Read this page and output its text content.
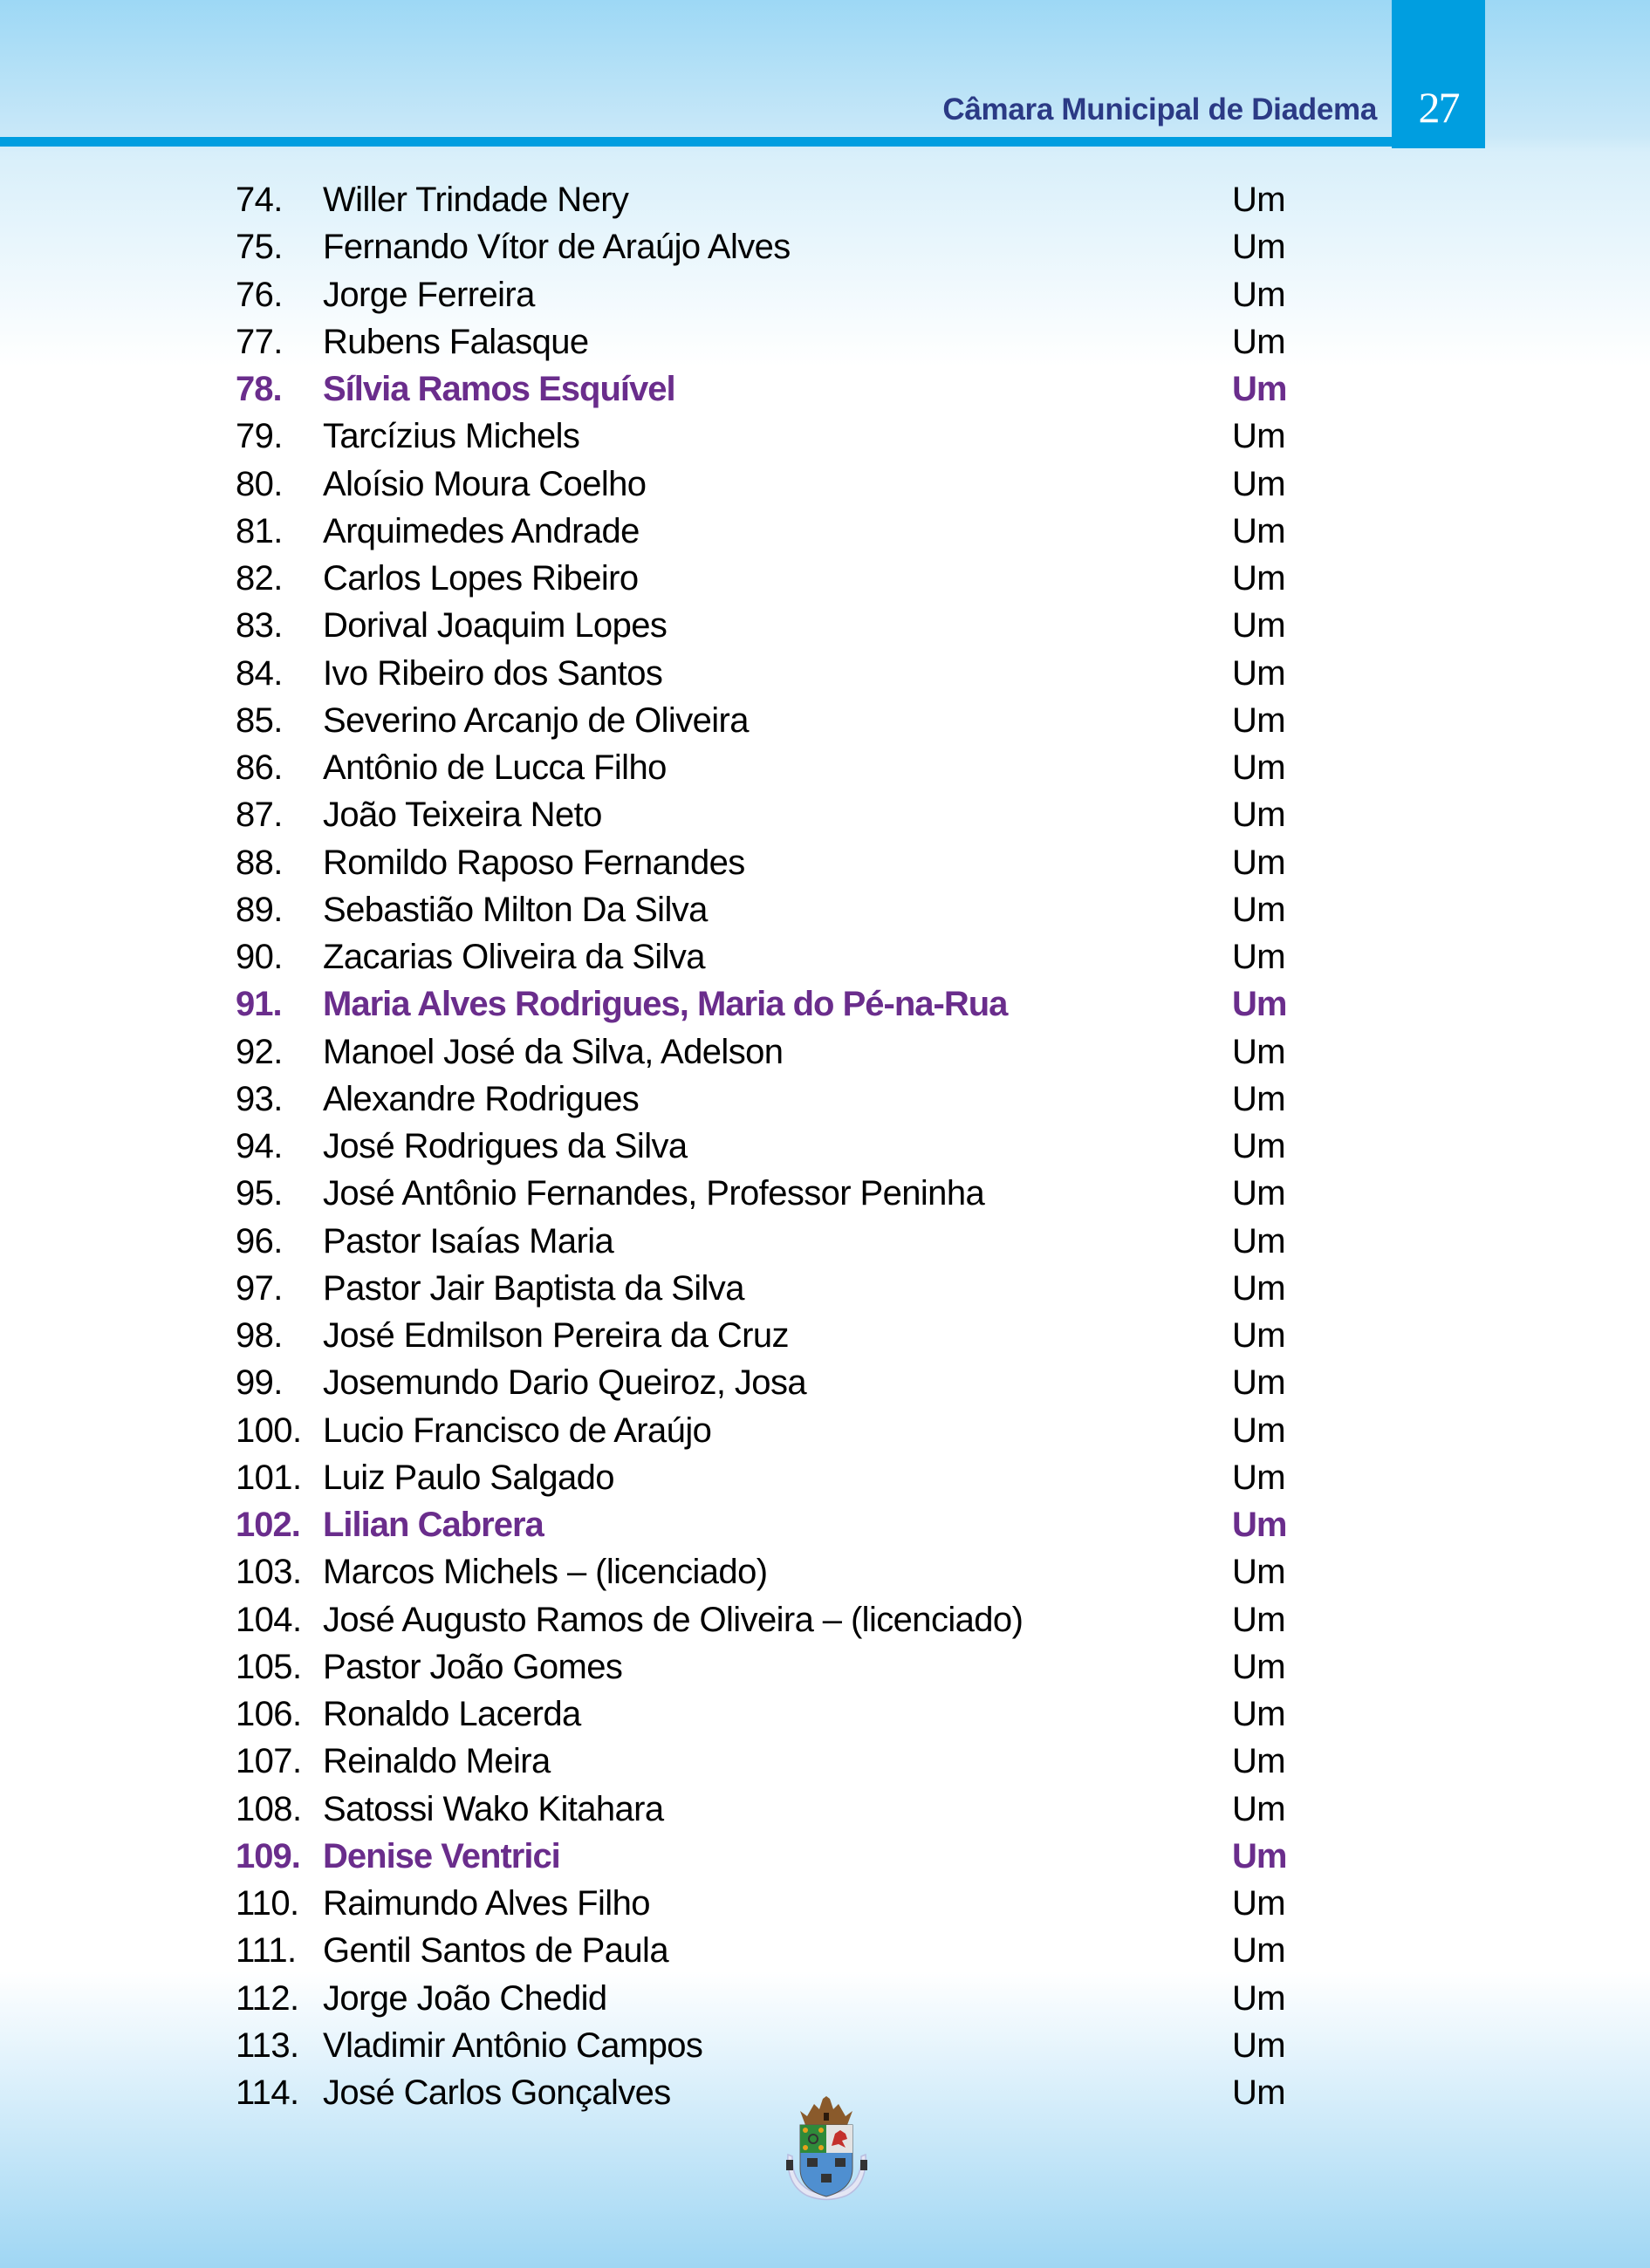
Câmara Municipal de Diadema 27
74. Willer Trindade Nery	Um
75. Fernando Vítor de Araújo Alves	Um
76. Jorge Ferreira	Um
77. Rubens Falasque	Um
78. Sílvia Ramos Esquível	Um
79. Tarcízius Michels	Um
80. Aloísio Moura Coelho	Um
81. Arquimedes Andrade	Um
82. Carlos Lopes Ribeiro	Um
83. Dorival Joaquim Lopes	Um
84. Ivo Ribeiro dos Santos	Um
85. Severino Arcanjo de Oliveira	Um
86. Antônio de Lucca Filho	Um
87. João Teixeira Neto	Um
88. Romildo Raposo Fernandes	Um
89. Sebastião Milton Da Silva	Um
90. Zacarias Oliveira da Silva	Um
91. Maria Alves Rodrigues, Maria do Pé-na-Rua	Um
92. Manoel José da Silva, Adelson	Um
93. Alexandre Rodrigues	Um
94. José Rodrigues da Silva	Um
95. José Antônio Fernandes, Professor Peninha	Um
96. Pastor Isaías Maria	Um
97. Pastor Jair Baptista da Silva	Um
98. José Edmilson Pereira da Cruz	Um
99. Josemundo Dario Queiroz, Josa	Um
100. Lucio Francisco de Araújo	Um
101. Luiz Paulo Salgado	Um
102. Lilian Cabrera	Um
103. Marcos Michels – (licenciado)	Um
104. José Augusto Ramos de Oliveira – (licenciado)	Um
105. Pastor João Gomes	Um
106. Ronaldo Lacerda	Um
107. Reinaldo Meira	Um
108. Satossi Wako Kitahara	Um
109. Denise Ventrici	Um
110. Raimundo Alves Filho	Um
111. Gentil Santos de Paula	Um
112. Jorge João Chedid	Um
113. Vladimir Antônio Campos	Um
114. José Carlos Gonçalves	Um
